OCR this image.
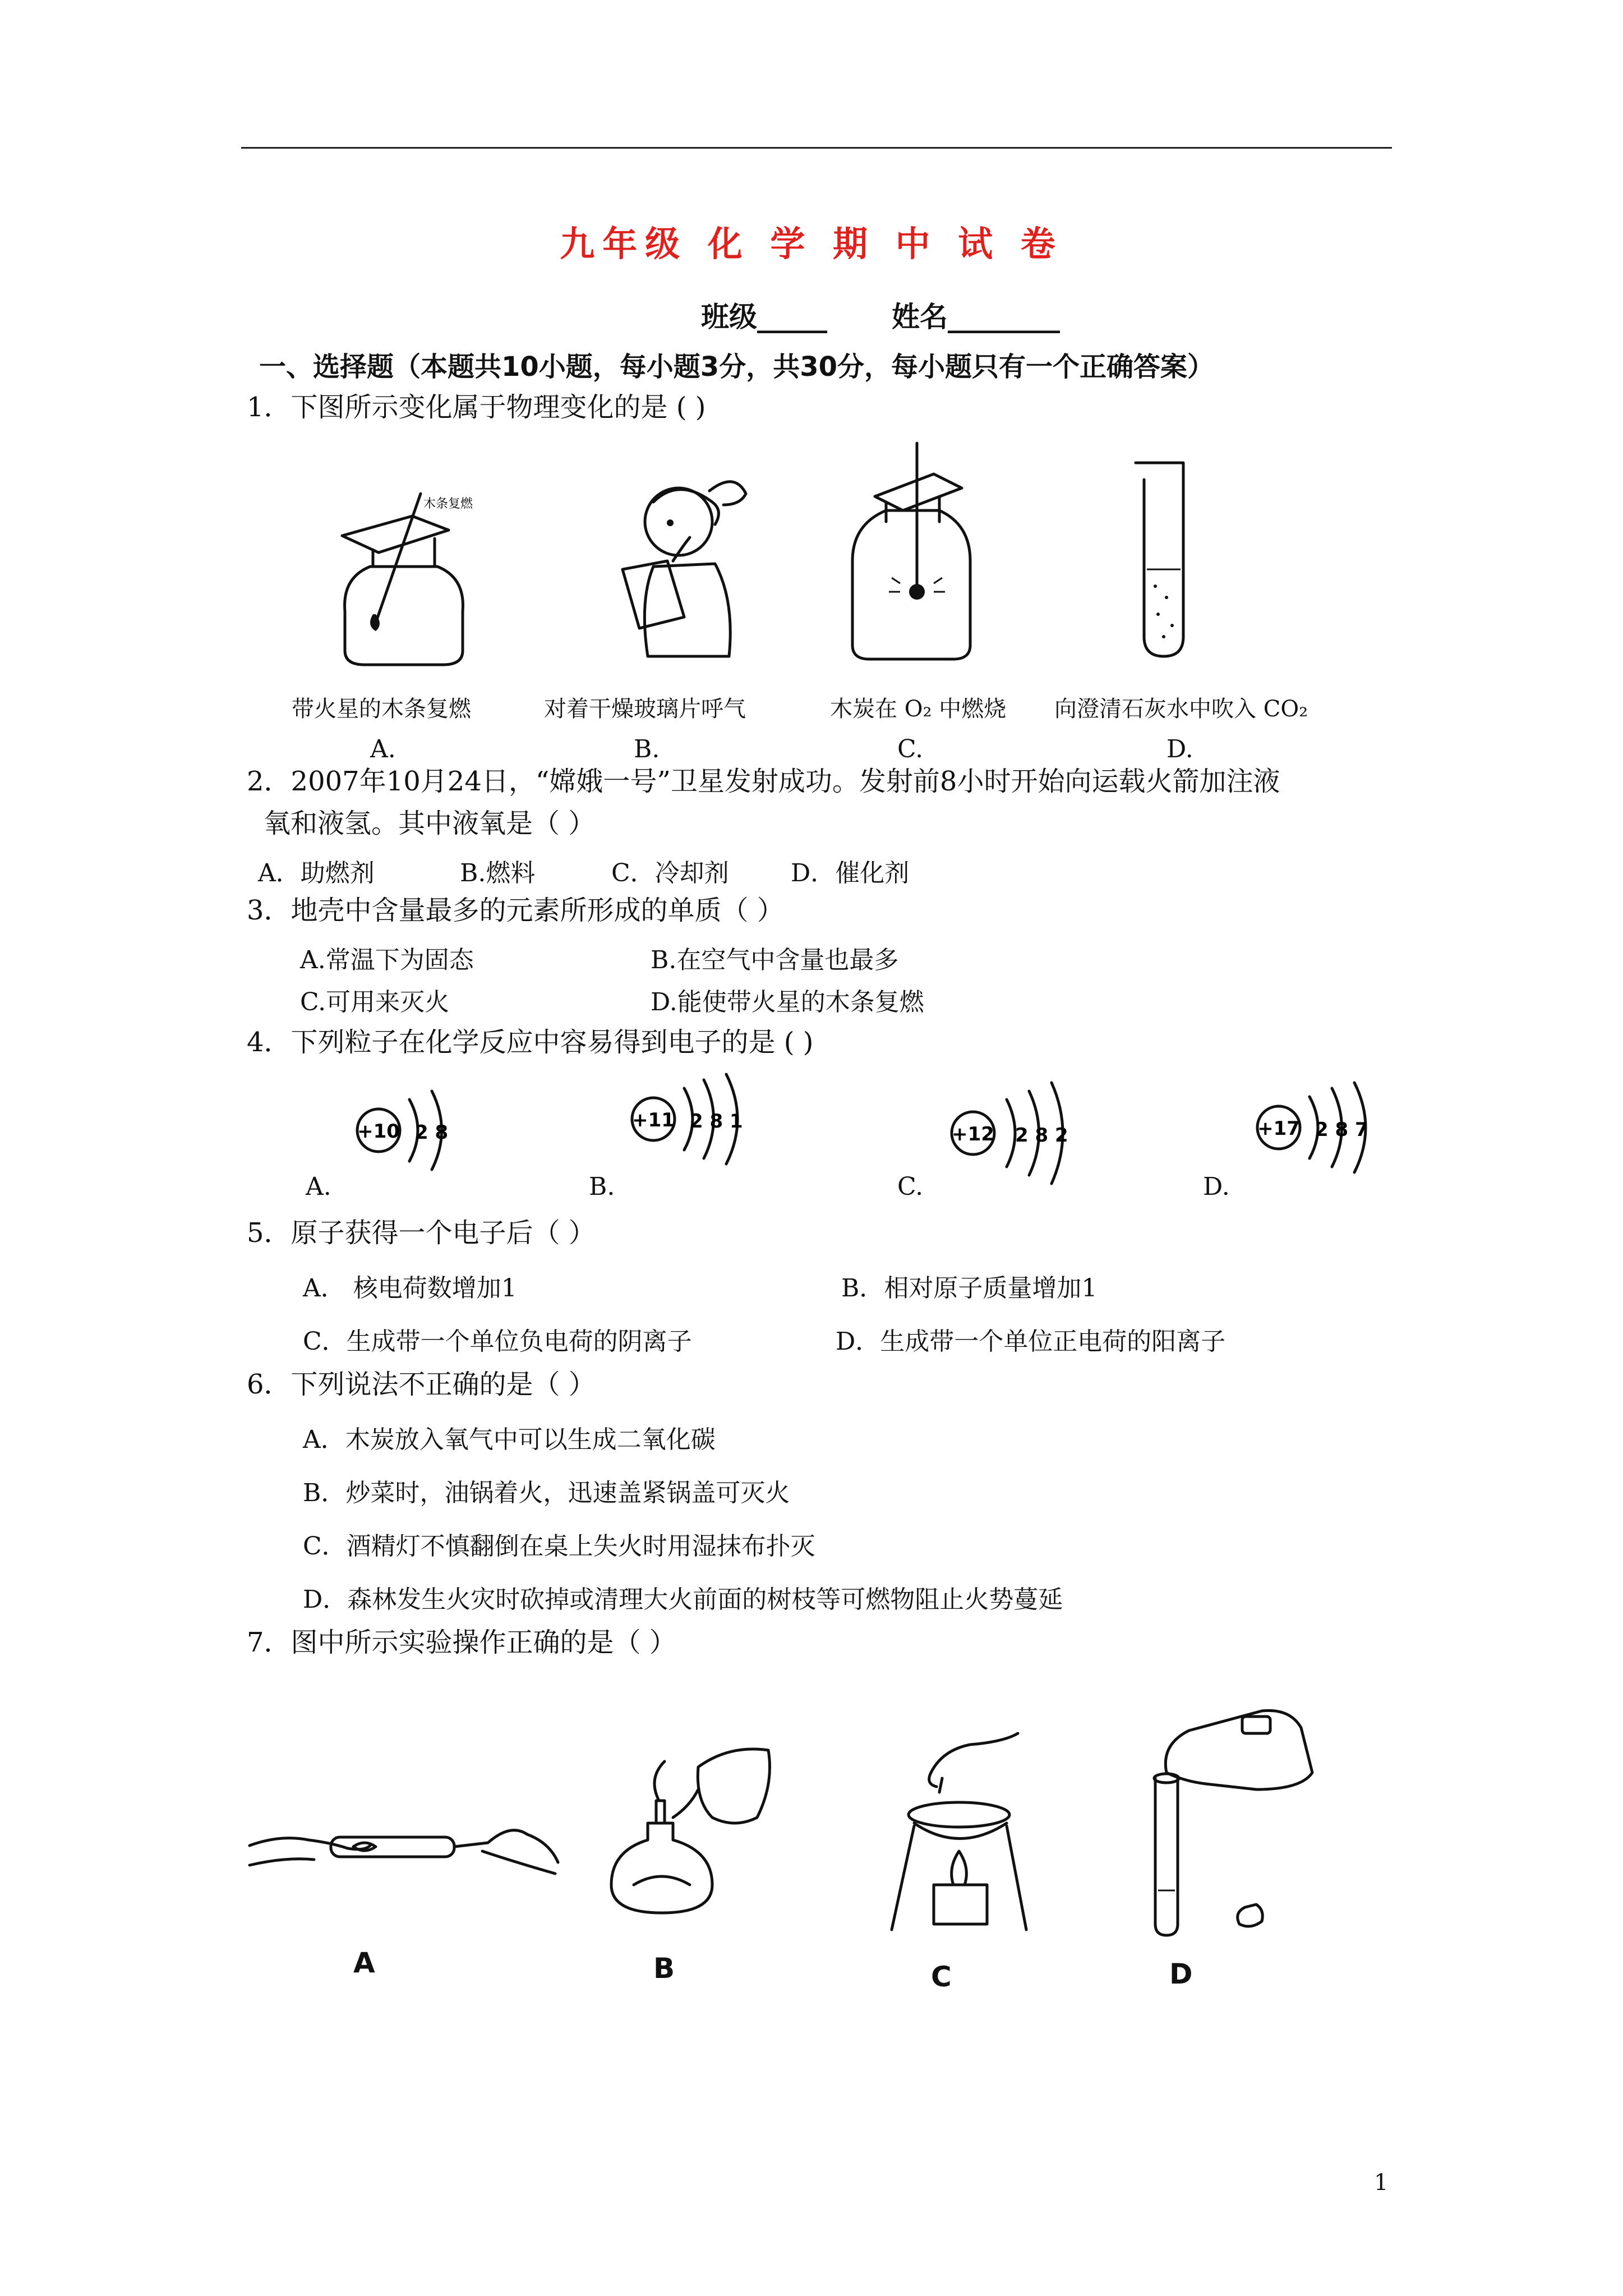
九年级 化 学 期 中 试 卷
班级_____ 姓名________
一、选择题（本题共10小题，每小题3分，共30分，每小题只有一个正确答案）
1．下图所示变化属于物理变化的是 ( )
木条复燃
带火星的木条复燃	对着干燥玻璃片呼气	木炭在 O₂ 中燃烧 向澄清石灰水中吹入 CO₂
A.	B.	C.	D.
2．2007年10月24日，“嫦娥一号”卫星发射成功。发射前8小时开始向运载火箭加注液
氧和液氢。其中液氧是（ ）
A．助燃剂	B.燃料	C．冷却剂	D．催化剂
3．地壳中含量最多的元素所形成的单质（ ）
A.常温下为固态	B.在空气中含量也最多
C.可用来灭火	D.能使带火星的木条复燃
4．下列粒子在化学反应中容易得到电子的是 ( )
+10 2 8
+11 2 8 1
+12 2 8 2	+17 2 8 7
A.	B.	C.	D.
5．原子获得一个电子后（ ）
A． 核电荷数增加1	B．相对原子质量增加1
C．生成带一个单位负电荷的阴离子	D．生成带一个单位正电荷的阳离子
6．下列说法不正确的是（ ）
A．木炭放入氧气中可以生成二氧化碳
B．炒菜时，油锅着火，迅速盖紧锅盖可灭火
C．酒精灯不慎翻倒在桌上失火时用湿抹布扑灭
D．森林发生火灾时砍掉或清理大火前面的树枝等可燃物阻止火势蔓延
7．图中所示实验操作正确的是（ ）
A	B	C	D
1
